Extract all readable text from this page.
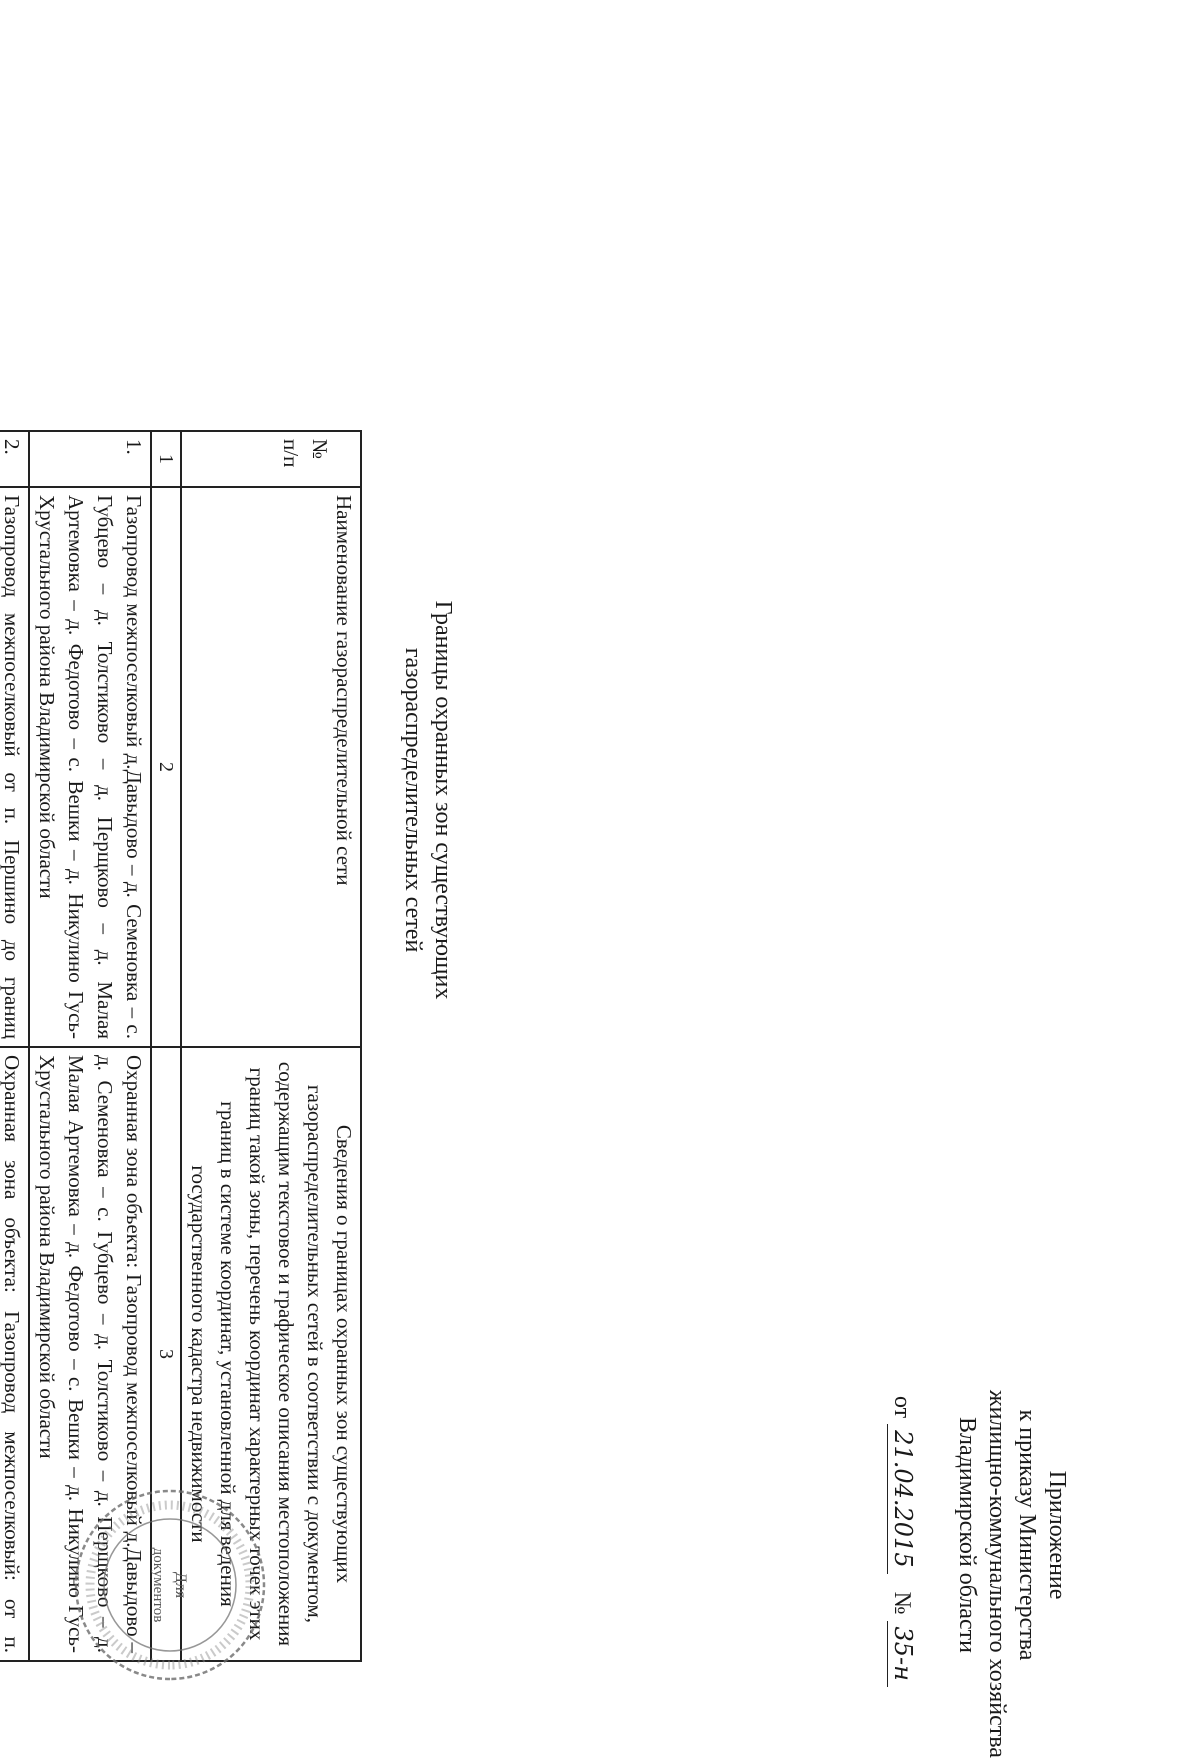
Приложение
к приказу Министерства
жилищно-коммунального хозяйства
Владимирской области
от 21.04.2015   № 35-н
Границы охранных зон существующих
газораспределительных сетей
№ п/п	Наименование газораспределительной сети	Сведения о границах охранных зон существующих газораспределительных сетей в соответствии с документом, содержащим текстовое и графическое описания местоположения границ такой зоны, перечень координат характерных точек этих границ в системе координат, установленной для ведения государственного кадастра недвижимости
1	2	3
1.	Газопровод межпоселковый д.Давыдово – д. Семеновка – с. Губцево – д. Толстиково – д. Перщково – д. Малая Артемовка – д. Федотово – с. Вешки – д. Никулино Гусь-Хрустального района Владимирской области	Охранная зона объекта: Газопровод межпоселковый д.Давыдово – д. Семеновка – с. Губцево – д. Толстиково – д. Перщково – д. Малая Артемовка – д. Федотово – с. Вешки – д. Никулино Гусь-Хрустального района Владимирской области
2.	Газопровод межпоселковый от п. Першино до границ	Охранная зона объекта: Газопровод межпоселковый: от п.
Для
документов
